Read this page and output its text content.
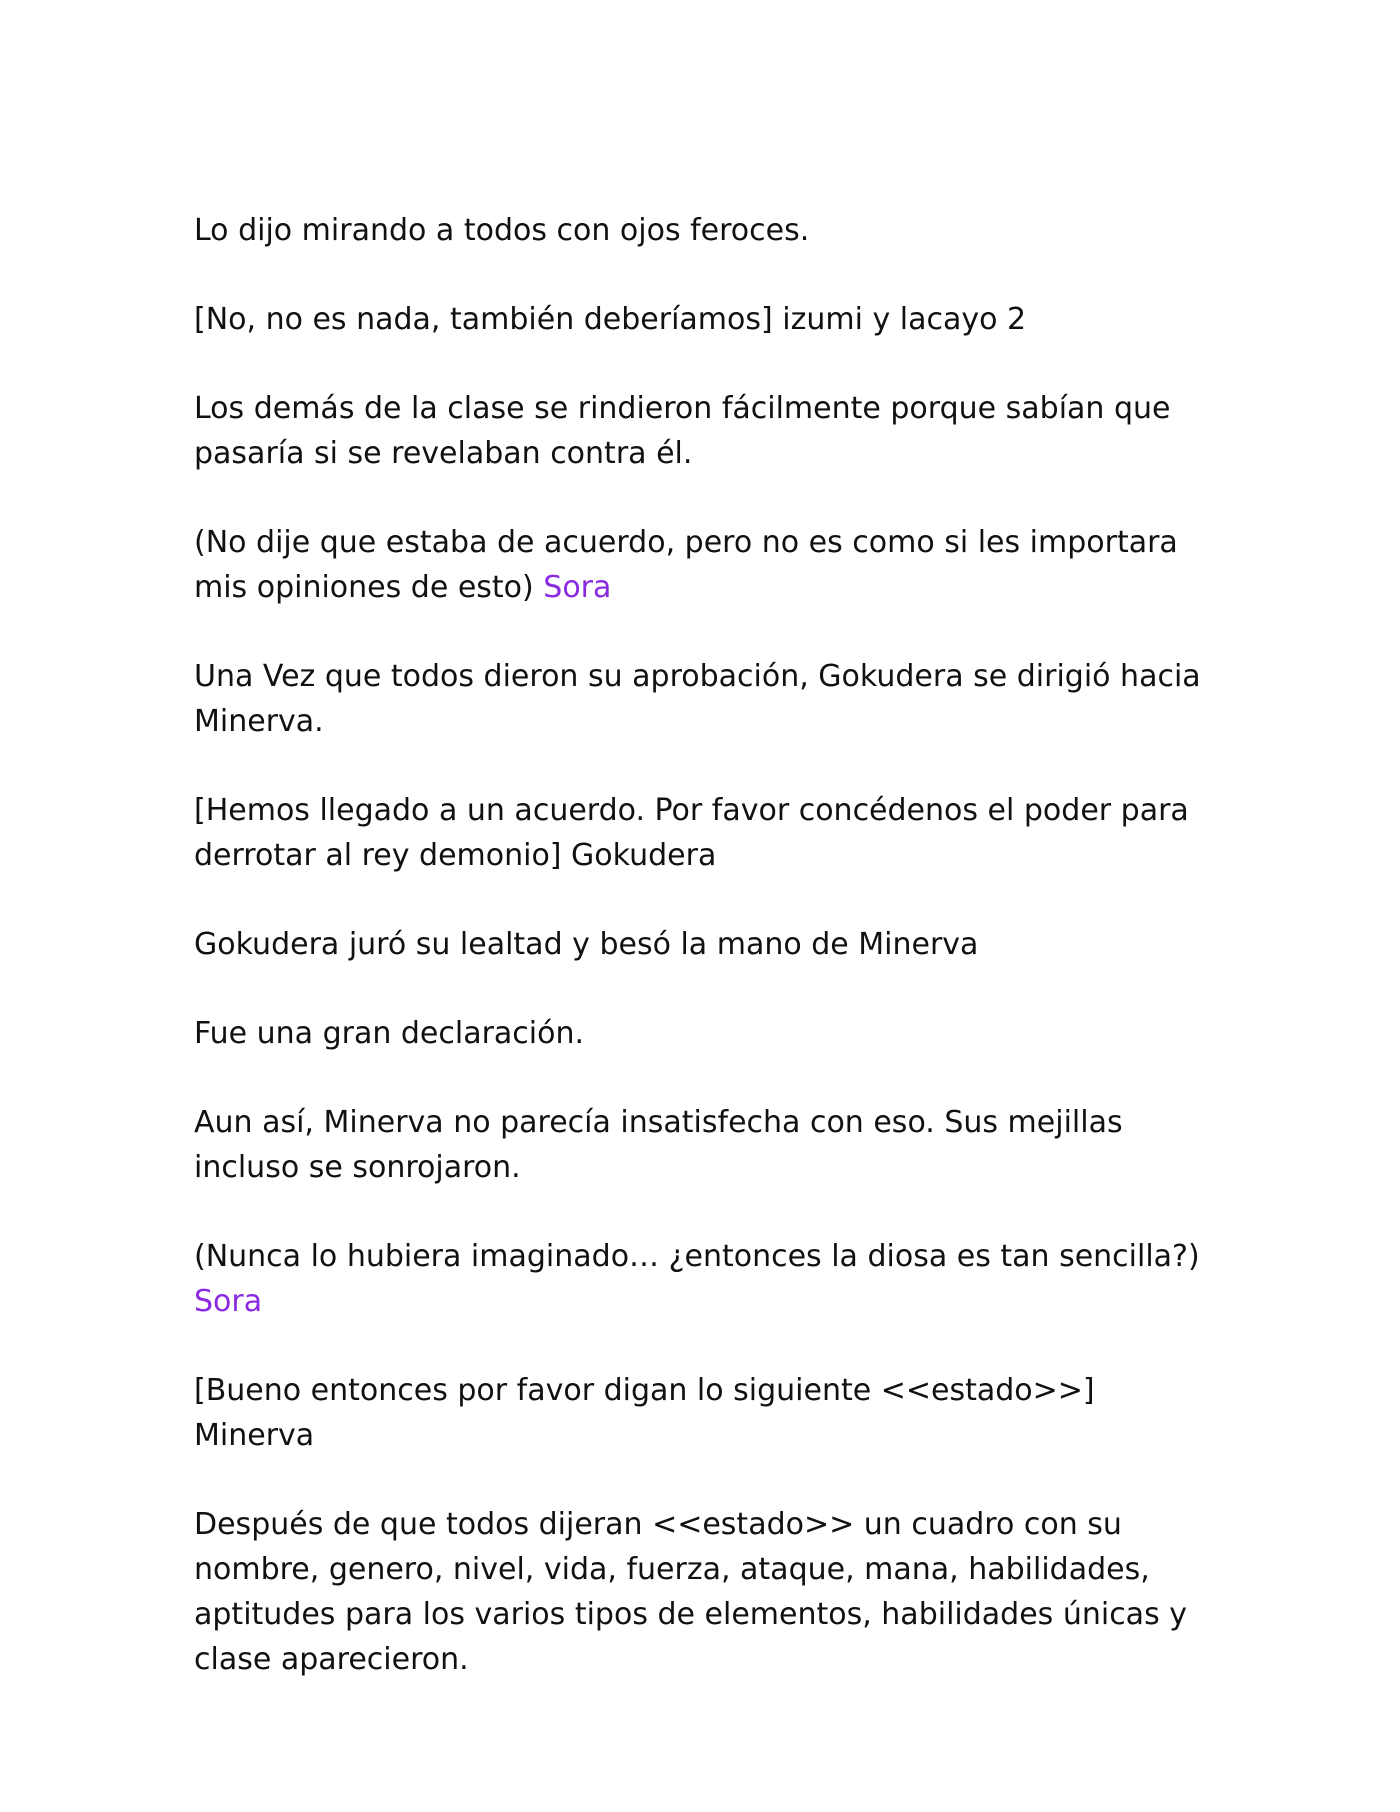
Lo dijo mirando a todos con ojos feroces.

[No, no es nada, también deberíamos] izumi y lacayo 2

Los demás de la clase se rindieron fácilmente porque sabían que pasaría si se revelaban contra él.

(No dije que estaba de acuerdo, pero no es como si les importara mis opiniones de esto) Sora

Una Vez que todos dieron su aprobación, Gokudera se dirigió hacia Minerva.

[Hemos llegado a un acuerdo. Por favor concédenos el poder para derrotar al rey demonio] Gokudera

Gokudera juró su lealtad y besó la mano de Minerva

Fue una gran declaración.

Aun así, Minerva no parecía insatisfecha con eso. Sus mejillas incluso se sonrojaron.

(Nunca lo hubiera imaginado… ¿entonces la diosa es tan sencilla?) Sora

[Bueno entonces por favor digan lo siguiente <<estado>>] Minerva

Después de que todos dijeran <<estado>> un cuadro con su nombre, genero, nivel, vida, fuerza, ataque, mana, habilidades, aptitudes para los varios tipos de elementos, habilidades únicas y clase aparecieron.
